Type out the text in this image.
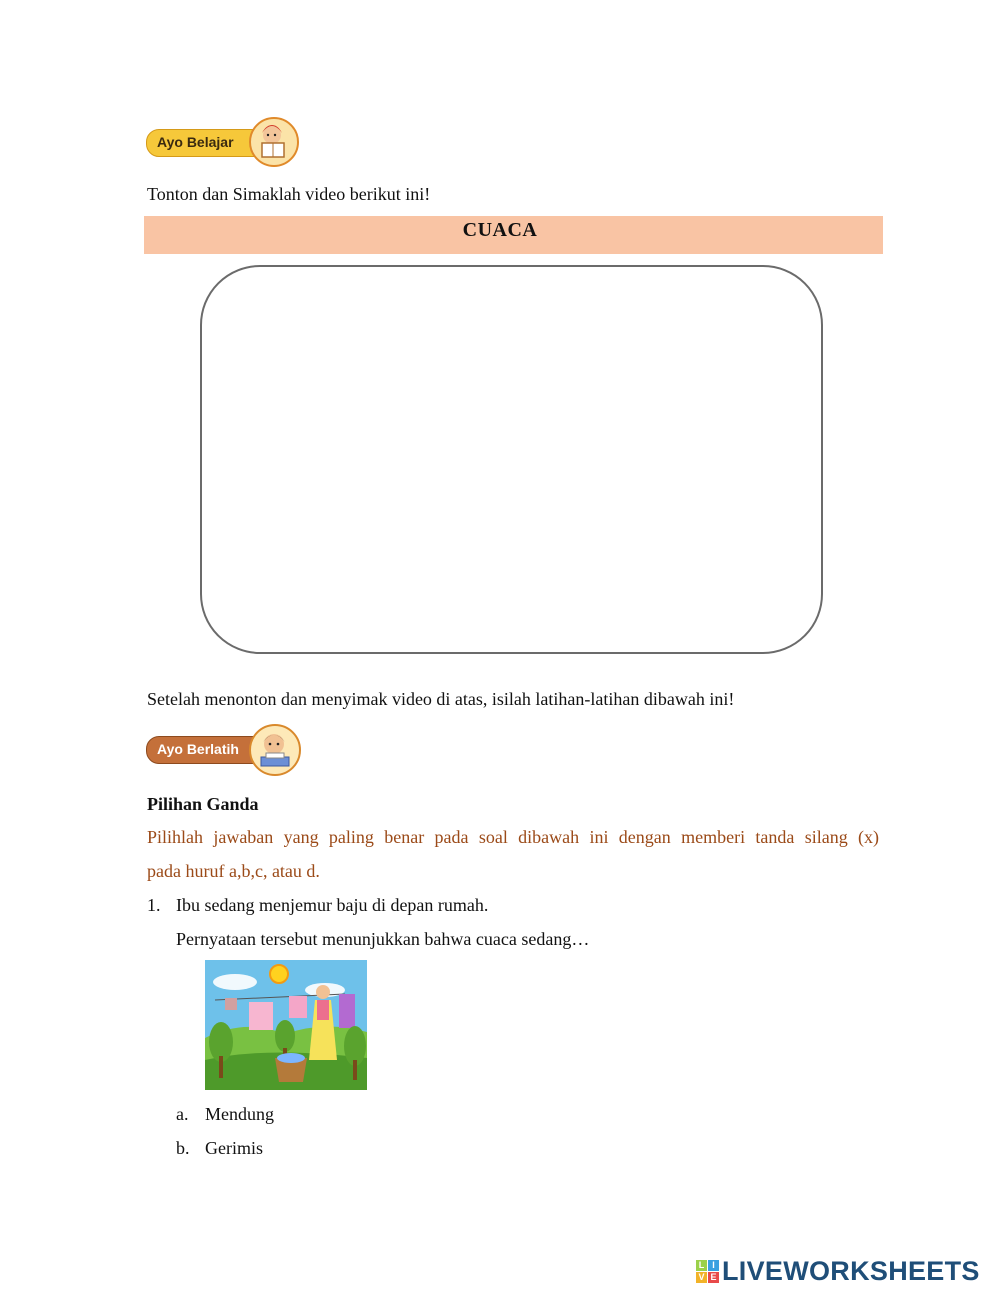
Ayo Belajar
Tonton dan Simaklah video berikut ini!
CUACA
Setelah menonton dan menyimak video di atas, isilah latihan-latihan dibawah ini!
Ayo Berlatih
Pilihan Ganda
Pilihlah jawaban yang paling benar pada soal dibawah ini dengan memberi tanda silang (x)
pada huruf a,b,c, atau d.
1. Ibu sedang menjemur baju di depan rumah.
Pernyataan tersebut menunjukkan bahwa cuaca sedang…
a. Mendung
b. Gerimis
L I
V E LIVEWORKSHEETS
